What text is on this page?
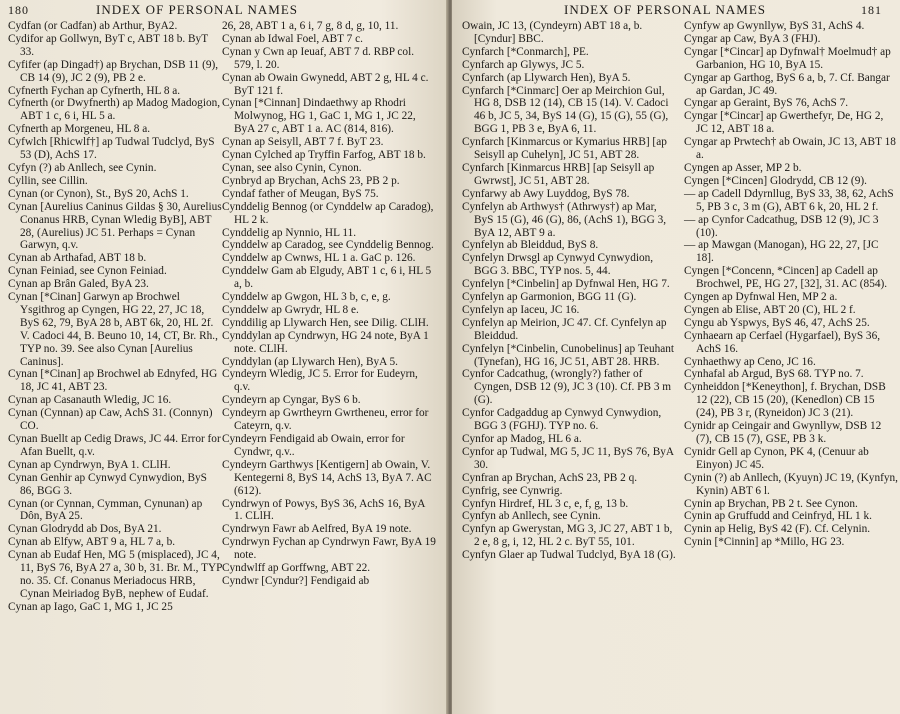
180	INDEX OF PERSONAL NAMES

Cydfan (or Cadfan) ab Arthur, ByA2.

Cydifor ap Gollwyn, ByT c, ABT 18 b. ByT 33.

Cyfifer (ap Dingad†) ap Brychan, DSB 11 (9), CB 14 (9), JC 2 (9), PB 2 e.

Cyfnerth Fychan ap Cyfnerth, HL 8 a.

Cyfnerth (or Dwyfnerth) ap Madog Madogion, ABT 1 c, 6 i, HL 5 a.

Cyfnerth ap Morgeneu, HL 8 a.

Cyfwlch [Rhicwlf†] ap Tudwal Tudclyd, ByS 53 (D), AchS 17.

Cyfyn (?) ab Anllech, see Cynin.

Cyllin, see Cillin.

Cynan (or Cynon), St., ByS 20, AchS 1.

Cynan [Aurelius Caninus Gildas § 30, Aurelius Conanus HRB, Cynan Wledig ByB], ABT 28, (Aurelius) JC 51. Perhaps = Cynan Garwyn, q.v.

Cynan ab Arthafad, ABT 18 b.

Cynan Feiniad, see Cynon Feiniad.

Cynan ap Brân Galed, ByA 23.

Cynan [*Cinan] Garwyn ap Brochwel Ysgithrog ap Cyngen, HG 22, 27, JC 18, ByS 62, 79, ByA 28 b, ABT 6k, 20, HL 2f. V. Cadoci 44, B. Beuno 10, 14, CT, Br. Rh., TYP no. 39. See also Cynan [Aurelius Caninus].

Cynan [*Cinan] ap Brochwel ab Ednyfed, HG 18, JC 41, ABT 23.

Cynan ap Casanauth Wledig, JC 16.

Cynan (Cynnan) ap Caw, AchS 31. (Connyn) CO.

Cynan Buellt ap Cedig Draws, JC 44. Error for Afan Buellt, q.v.

Cynan ap Cyndrwyn, ByA 1. CLlH.

Cynan Genhir ap Cynwyd Cynwydion, ByS 86, BGG 3.

Cynan (or Cynnan, Cymman, Cynunan) ap Dôn, ByA 25.

Cynan Glodrydd ab Dos, ByA 21.

Cynan ab Elfyw, ABT 9 a, HL 7 a, b.

Cynan ab Eudaf Hen, MG 5 (misplaced), JC 4, 11, ByS 76, ByA 27 a, 30 b, 31. Br. M., TYP no. 35. Cf. Conanus Meriadocus HRB, Cynan Meiriadog ByB, nephew of Eudaf.

Cynan ap Iago, GaC 1, MG 1, JC 25

26, 28, ABT 1 a, 6 i, 7 g, 8 d, g, 10, 11.

Cynan ab Idwal Foel, ABT 7 c.

Cynan y Cwn ap Ieuaf, ABT 7 d. RBP col. 579, l. 20.

Cynan ab Owain Gwynedd, ABT 2 g, HL 4 c. ByT 121 f.

Cynan [*Cinnan] Dindaethwy ap Rhodri Molwynog, HG 1, GaC 1, MG 1, JC 22, ByA 27 c, ABT 1 a. AC (814, 816).

Cynan ap Seisyll, ABT 7 f. ByT 23.

Cynan Cylched ap Tryffin Farfog, ABT 18 b.

Cynan, see also Cynin, Cynon.

Cynbryd ap Brychan, AchS 23, PB 2 p.

Cyndaf father of Meugan, ByS 75.

Cynddelig Bennog (or Cynddelw ap Caradog), HL 2 k.

Cynddelig ap Nynnio, HL 11.

Cynddelw ap Caradog, see Cynddelig Bennog.

Cynddelw ap Cwnws, HL 1 a. GaC p. 126.

Cynddelw Gam ab Elgudy, ABT 1 c, 6 i, HL 5 a, b.

Cynddelw ap Gwgon, HL 3 b, c, e, g.

Cynddelw ap Gwrydr, HL 8 e.

Cynddilig ap Llywarch Hen, see Dilig. CLlH.

Cynddylan ap Cyndrwyn, HG 24 note, ByA 1 note. CLlH.

Cynddylan (ap Llywarch Hen), ByA 5.

Cyndeyrn Wledig, JC 5. Error for Eudeyrn, q.v.

Cyndeyrn ap Cyngar, ByS 6 b.

Cyndeyrn ap Gwrtheyrn Gwrtheneu, error for Cateyrn, q.v.

Cyndeyrn Fendigaid ab Owain, error for Cyndwr, q.v..

Cyndeyrn Garthwys [Kentigern] ab Owain, V. Kentegerni 8, ByS 14, AchS 13, ByA 7. AC (612).

Cyndrwyn of Powys, ByS 36, AchS 16, ByA 1. CLlH.

Cyndrwyn Fawr ab Aelfred, ByA 19 note.

Cyndrwyn Fychan ap Cyndrwyn Fawr, ByA 19 note.

Cyndwlff ap Gorffwng, ABT 22.

Cyndwr [Cyndur?] Fendigaid ab

INDEX OF PERSONAL NAMES	181

Owain, JC 13, (Cyndeyrn) ABT 18 a, b. [Cyndur] BBC.

Cynfarch [*Conmarch], PE.

Cynfarch ap Glywys, JC 5.

Cynfarch (ap Llywarch Hen), ByA 5.

Cynfarch [*Cinmarc] Oer ap Meirchion Gul, HG 8, DSB 12 (14), CB 15 (14). V. Cadoci 46 b, JC 5, 34, ByS 14 (G), 15 (G), 55 (G), BGG 1, PB 3 e, ByA 6, 11.

Cynfarch [Kinmarcus or Kymarius HRB] [ap Seisyll ap Cuhelyn], JC 51, ABT 28.

Cynfarch [Kinmarcus HRB] [ap Seisyll ap Gwrwst], JC 51, ABT 28.

Cynfarwy ab Awy Luyddog, ByS 78.

Cynfelyn ab Arthwys† (Athrwys†) ap Mar, ByS 15 (G), 46 (G), 86, (AchS 1), BGG 3, ByA 12, ABT 9 a.

Cynfelyn ab Bleiddud, ByS 8.

Cynfelyn Drwsgl ap Cynwyd Cynwydion, BGG 3. BBC, TYP nos. 5, 44.

Cynfelyn [*Cinbelin] ap Dyfnwal Hen, HG 7.

Cynfelyn ap Garmonion, BGG 11 (G).

Cynfelyn ap Iaceu, JC 16.

Cynfelyn ap Meirion, JC 47. Cf. Cynfelyn ap Bleiddud.

Cynfelyn [*Cinbelin, Cunobelinus] ap Teuhant (Tynefan), HG 16, JC 51, ABT 28. HRB.

Cynfor Cadcathug, (wrongly?) father of Cyngen, DSB 12 (9), JC 3 (10). Cf. PB 3 m (G).

Cynfor Cadgaddug ap Cynwyd Cynwydion, BGG 3 (FGHJ). TYP no. 6.

Cynfor ap Madog, HL 6 a.

Cynfor ap Tudwal, MG 5, JC 11, ByS 76, ByA 30.

Cynfran ap Brychan, AchS 23, PB 2 q.

Cynfrig, see Cynwrig.

Cynfyn Hirdref, HL 3 c, e, f, g, 13 b.

Cynfyn ab Anllech, see Cynin.

Cynfyn ap Gwerystan, MG 3, JC 27, ABT 1 b, 2 e, 8 g, i, 12, HL 2 c. ByT 55, 101.

Cynfyn Glaer ap Tudwal Tudclyd, ByA 18 (G).

Cynfyw ap Gwynllyw, ByS 31, AchS 4.

Cyngar ap Caw, ByA 3 (FHJ).

Cyngar [*Cincar] ap Dyfnwal† Moelmud† ap Garbanion, HG 10, ByA 15.

Cyngar ap Garthog, ByS 6 a, b, 7. Cf. Bangar ap Gardan, JC 49.

Cyngar ap Geraint, ByS 76, AchS 7.

Cyngar [*Cincar] ap Gwerthefyr, De, HG 2, JC 12, ABT 18 a.

Cyngar ap Prwtech† ab Owain, JC 13, ABT 18 a.

Cyngen ap Asser, MP 2 b.

Cyngen [*Cincen] Glodrydd, CB 12 (9).

— ap Cadell Ddyrnllug, ByS 33, 38, 62, AchS 5, PB 3 c, 3 m (G), ABT 6 k, 20, HL 2 f.

— ap Cynfor Cadcathug, DSB 12 (9), JC 3 (10).

— ap Mawgan (Manogan), HG 22, 27, [JC 18].

Cyngen [*Concenn, *Cincen] ap Cadell ap Brochwel, PE, HG 27, [32], 31. AC (854).

Cyngen ap Dyfnwal Hen, MP 2 a.

Cyngen ab Elise, ABT 20 (C), HL 2 f.

Cyngu ab Yspwys, ByS 46, 47, AchS 25.

Cynhaearn ap Cerfael (Hygarfael), ByS 36, AchS 16.

Cynhaethwy ap Ceno, JC 16.

Cynhafal ab Argud, ByS 68. TYP no. 7.

Cynheiddon [*Keneython], f. Brychan, DSB 12 (22), CB 15 (20), (Kenedlon) CB 15 (24), PB 3 r, (Ryneidon) JC 3 (21).

Cynidr ap Ceingair and Gwynllyw, DSB 12 (7), CB 15 (7), GSE, PB 3 k.

Cynidr Gell ap Cynon, PK 4, (Cenuur ab Einyon) JC 45.

Cynin (?) ab Anllech, (Kyuyn) JC 19, (Kynfyn, Kynin) ABT 6 l.

Cynin ap Brychan, PB 2 t. See Cynon.

Cynin ap Gruffudd and Ceinfryd, HL 1 k.

Cynin ap Helig, ByS 42 (F). Cf. Celynin.

Cynin [*Cinnin] ap *Millo, HG 23.
